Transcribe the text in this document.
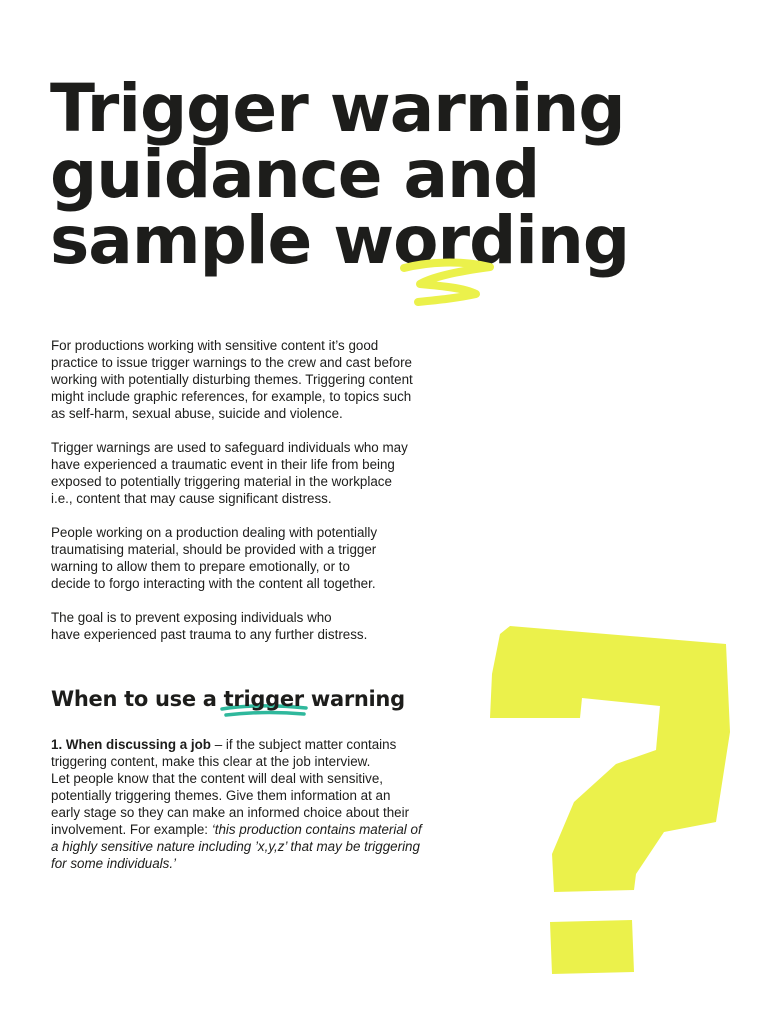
Trigger warning
guidance and
sample wording

For productions working with sensitive content it’s good
practice to issue trigger warnings to the crew and cast before
working with potentially disturbing themes. Triggering content
might include graphic references, for example, to topics such
as self-harm, sexual abuse, suicide and violence.

Trigger warnings are used to safeguard individuals who may
have experienced a traumatic event in their life from being
exposed to potentially triggering material in the workplace
i.e., content that may cause significant distress.

People working on a production dealing with potentially
traumatising material, should be provided with a trigger
warning to allow them to prepare emotionally, or to
decide to forgo interacting with the content all together.

The goal is to prevent exposing individuals who
have experienced past trauma to any further distress.

When to use a trigger warning
1. When discussing a job – if the subject matter contains
triggering content, make this clear at the job interview.
Let people know that the content will deal with sensitive,
potentially triggering themes. Give them information at an
early stage so they can make an informed choice about their
involvement. For example: ‘this production contains material of
a highly sensitive nature including ’x,y,z’ that may be triggering
for some individuals.’
